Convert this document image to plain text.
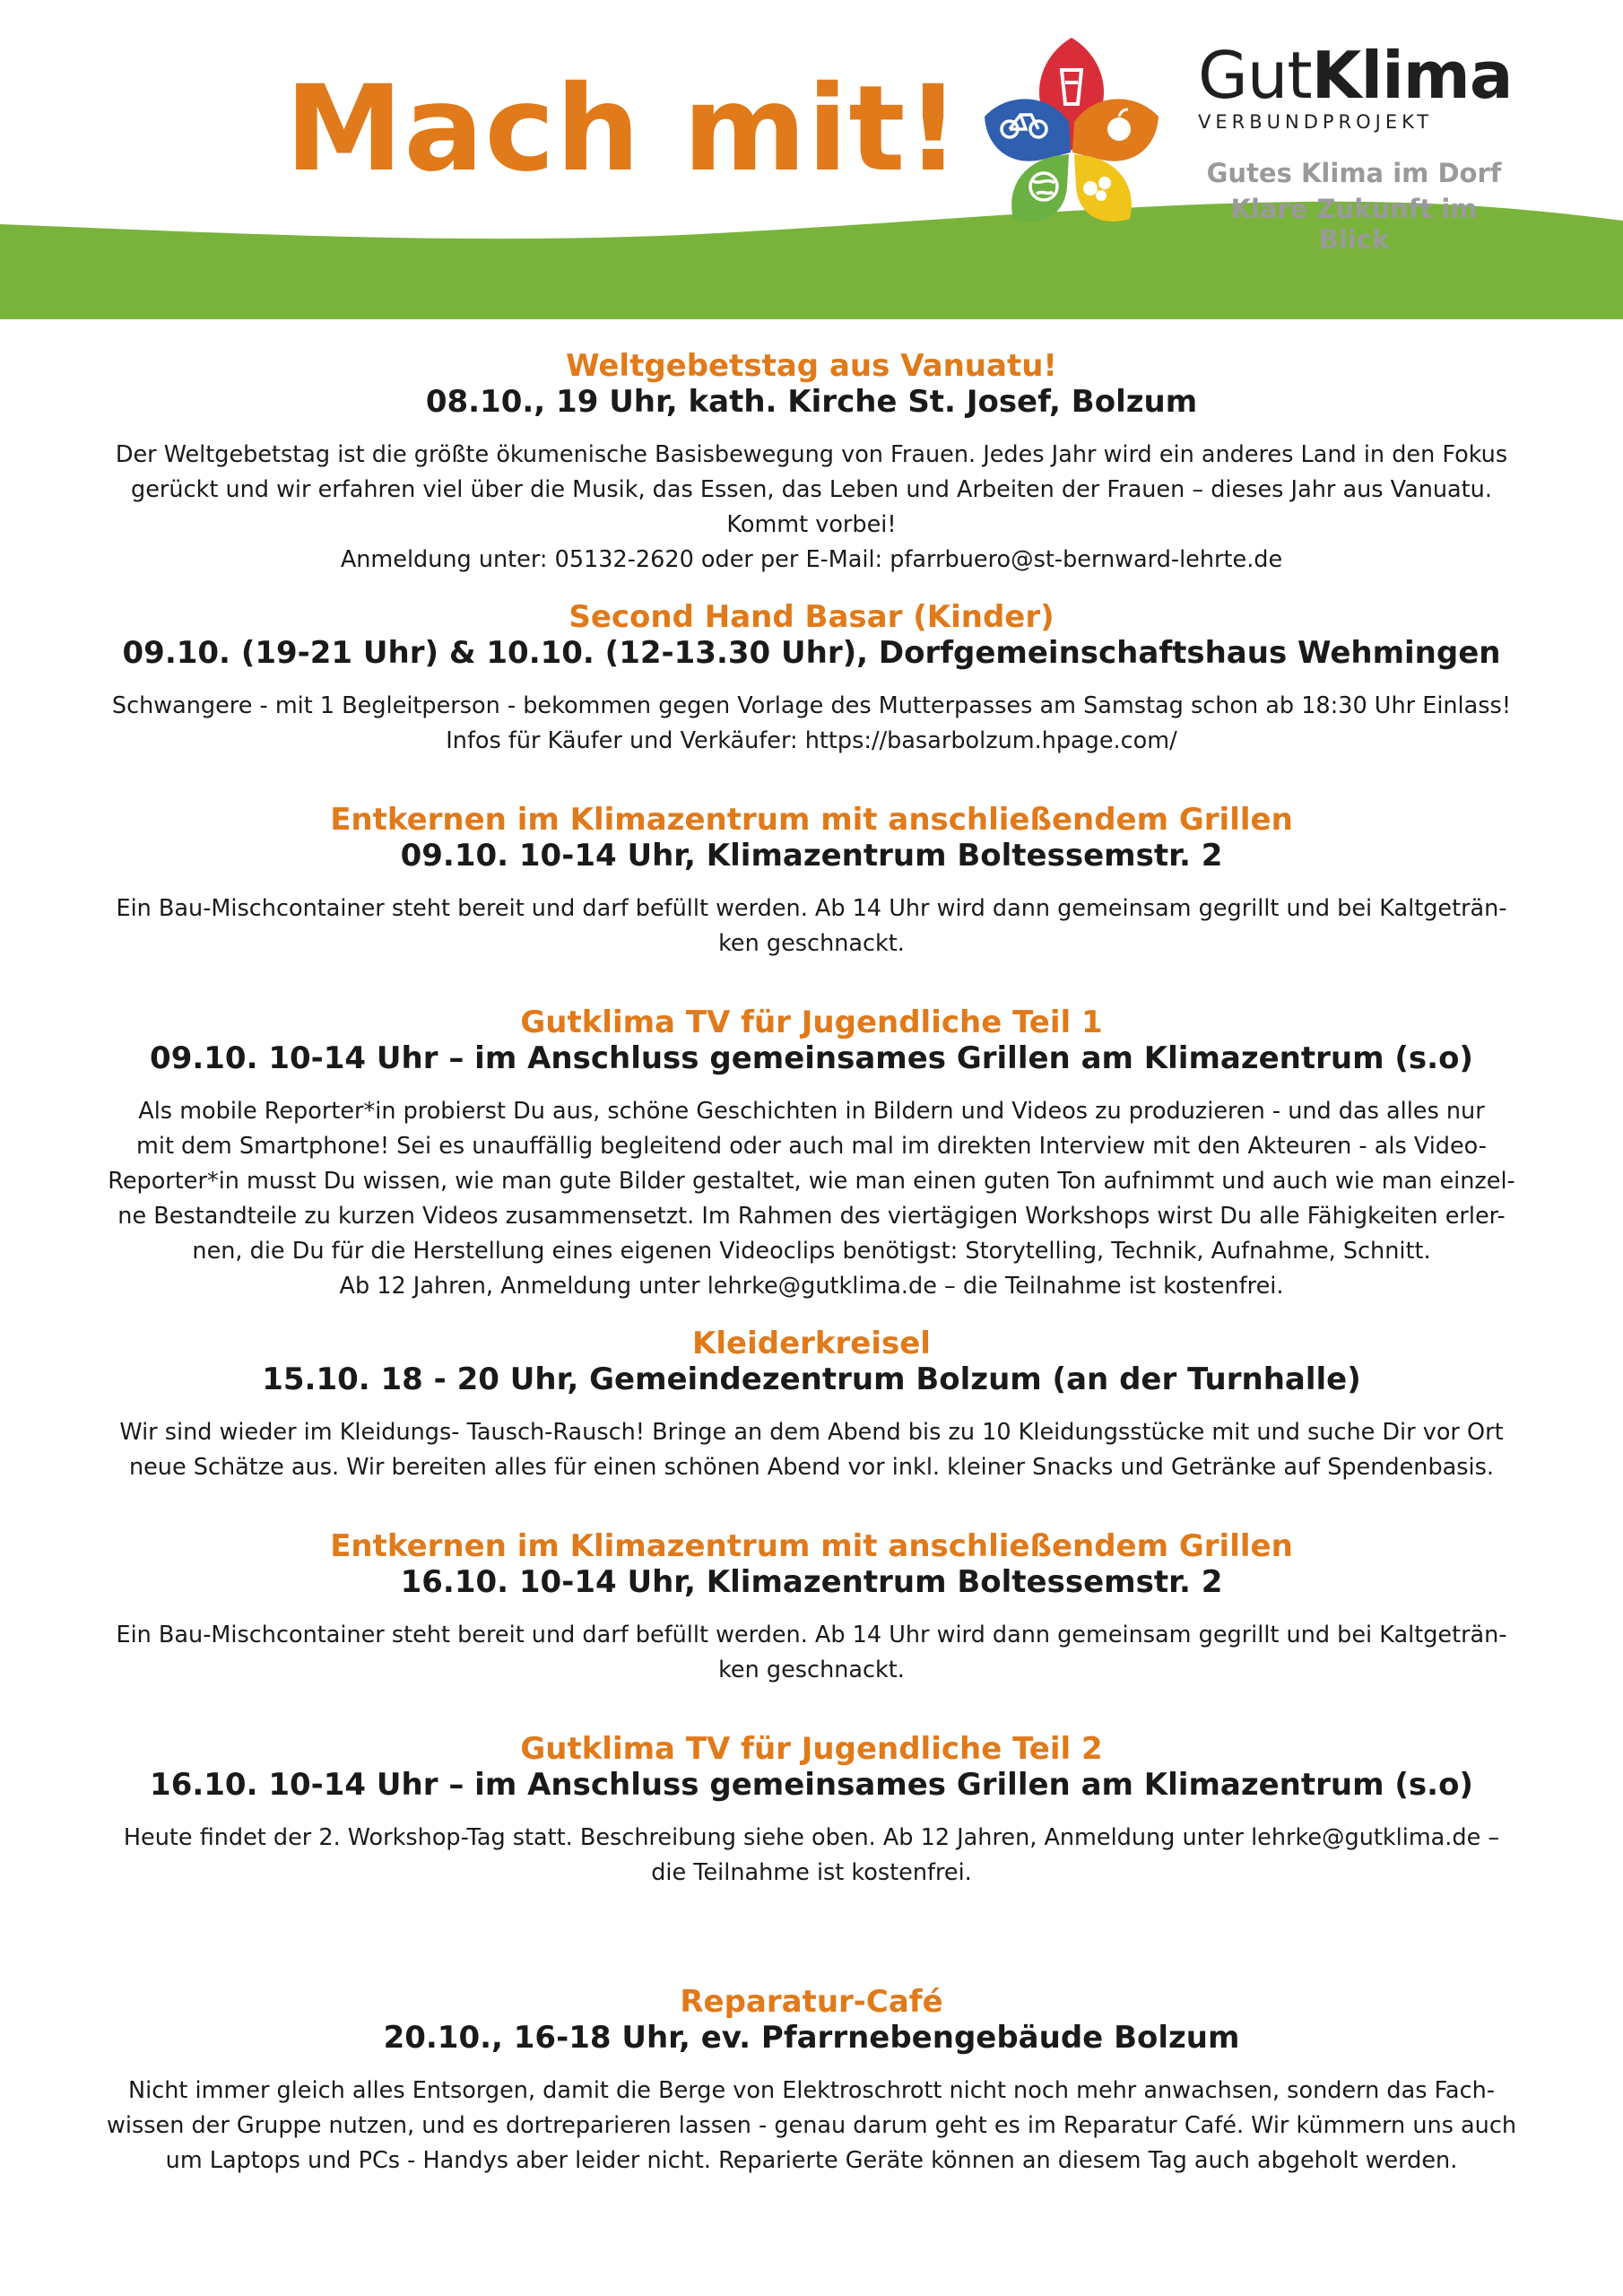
Mach mit!	GutKlima
VERBUNDPROJEKT
Gutes Klima im Dorf
Klare Zukunft im Blick
Weltgebetstag aus Vanuatu!
08.10., 19 Uhr, kath. Kirche St. Josef, Bolzum

Der Weltgebetstag ist die größte ökumenische Basisbewegung von Frauen. Jedes Jahr wird ein anderes Land in den Fokus
gerückt und wir erfahren viel über die Musik, das Essen, das Leben und Arbeiten der Frauen – dieses Jahr aus Vanuatu.
Kommt vorbei!
Anmeldung unter: 05132-2620 oder per E-Mail: pfarrbuero@st-bernward-lehrte.de

Second Hand Basar (Kinder)
09.10. (19-21 Uhr) & 10.10. (12-13.30 Uhr), Dorfgemeinschaftshaus Wehmingen

Schwangere - mit 1 Begleitperson - bekommen gegen Vorlage des Mutterpasses am Samstag schon ab 18:30 Uhr Einlass!
Infos für Käufer und Verkäufer: https://basarbolzum.hpage.com/

Entkernen im Klimazentrum mit anschließendem Grillen
09.10. 10-14 Uhr, Klimazentrum Boltessemstr. 2

Ein Bau-Mischcontainer steht bereit und darf befüllt werden. Ab 14 Uhr wird dann gemeinsam gegrillt und bei Kaltgeträn-
ken geschnackt.

Gutklima TV für Jugendliche Teil 1
09.10. 10-14 Uhr – im Anschluss gemeinsames Grillen am Klimazentrum (s.o)

Als mobile Reporter*in probierst Du aus, schöne Geschichten in Bildern und Videos zu produzieren - und das alles nur
mit dem Smartphone! Sei es unauffällig begleitend oder auch mal im direkten Interview mit den Akteuren - als Video-
Reporter*in musst Du wissen, wie man gute Bilder gestaltet, wie man einen guten Ton aufnimmt und auch wie man einzel-
ne Bestandteile zu kurzen Videos zusammensetzt. Im Rahmen des viertägigen Workshops wirst Du alle Fähigkeiten erler-
nen, die Du für die Herstellung eines eigenen Videoclips benötigst: Storytelling, Technik, Aufnahme, Schnitt.
Ab 12 Jahren, Anmeldung unter lehrke@gutklima.de – die Teilnahme ist kostenfrei.

Kleiderkreisel
15.10. 18 - 20 Uhr, Gemeindezentrum Bolzum (an der Turnhalle)

Wir sind wieder im Kleidungs- Tausch-Rausch! Bringe an dem Abend bis zu 10 Kleidungsstücke mit und suche Dir vor Ort
neue Schätze aus. Wir bereiten alles für einen schönen Abend vor inkl. kleiner Snacks und Getränke auf Spendenbasis.

Entkernen im Klimazentrum mit anschließendem Grillen
16.10. 10-14 Uhr, Klimazentrum Boltessemstr. 2

Ein Bau-Mischcontainer steht bereit und darf befüllt werden. Ab 14 Uhr wird dann gemeinsam gegrillt und bei Kaltgeträn-
ken geschnackt.

Gutklima TV für Jugendliche Teil 2
16.10. 10-14 Uhr – im Anschluss gemeinsames Grillen am Klimazentrum (s.o)

Heute findet der 2. Workshop-Tag statt. Beschreibung siehe oben. Ab 12 Jahren, Anmeldung unter lehrke@gutklima.de –
die Teilnahme ist kostenfrei.

Reparatur-Café
20.10., 16-18 Uhr, ev. Pfarrnebengebäude Bolzum

Nicht immer gleich alles Entsorgen, damit die Berge von Elektroschrott nicht noch mehr anwachsen, sondern das Fach-
wissen der Gruppe nutzen, und es dortreparieren lassen - genau darum geht es im Reparatur Café. Wir kümmern uns auch
um Laptops und PCs - Handys aber leider nicht. Reparierte Geräte können an diesem Tag auch abgeholt werden.
